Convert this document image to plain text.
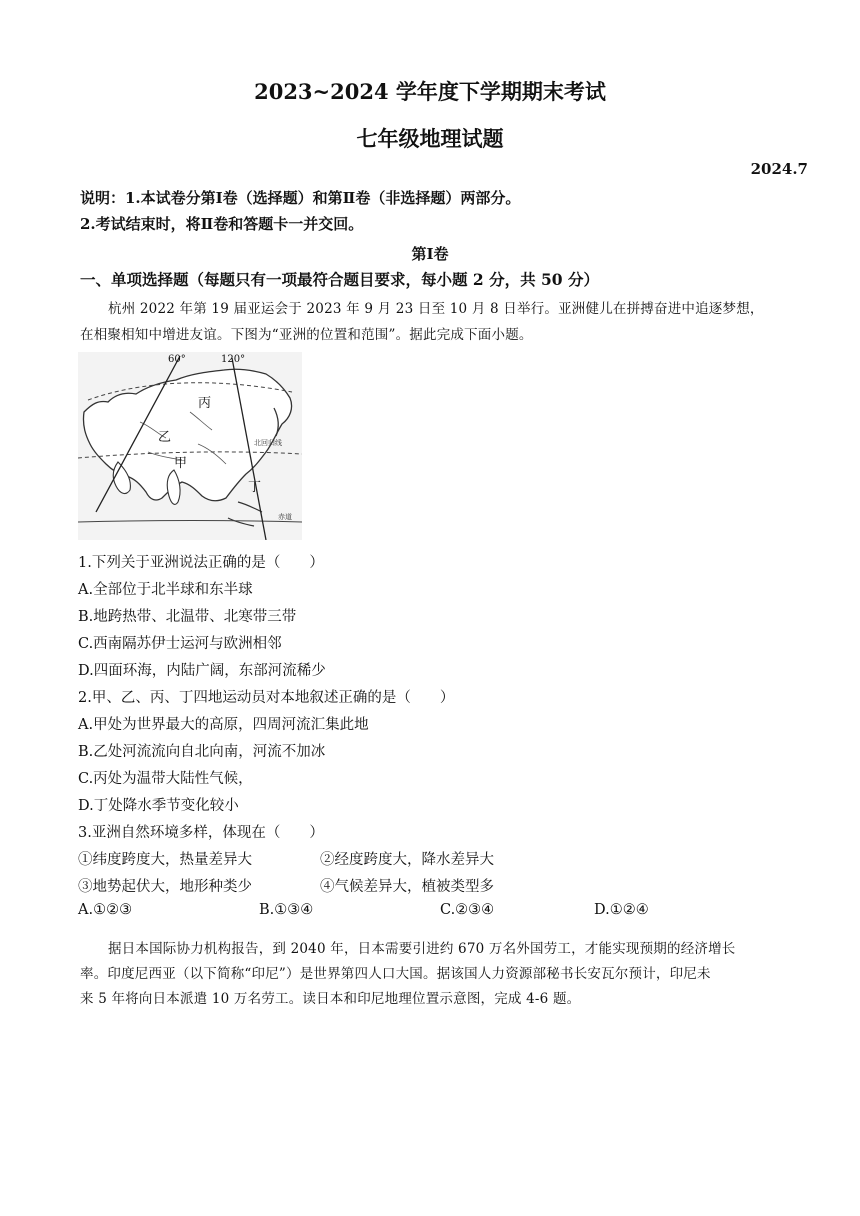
2023~2024 学年度下学期期末考试
七年级地理试题
2024.7
说明：1.本试卷分第Ⅰ卷（选择题）和第Ⅱ卷（非选择题）两部分。
2.考试结束时，将Ⅱ卷和答题卡一并交回。
第Ⅰ卷
一、单项选择题（每题只有一项最符合题目要求，每小题 2 分，共 50 分）
杭州 2022 年第 19 届亚运会于 2023 年 9 月 23 日至 10 月 8 日举行。亚洲健儿在拼搏奋进中追逐梦想，
在相聚相知中增进友谊。下图为“亚洲的位置和范围”。据此完成下面小题。
60°	120°
丙
乙
甲
丁
北回归线
赤道
1.下列关于亚洲说法正确的是（　　）
A.全部位于北半球和东半球
B.地跨热带、北温带、北寒带三带
C.西南隔苏伊士运河与欧洲相邻
D.四面环海，内陆广阔，东部河流稀少
2.甲、乙、丙、丁四地运动员对本地叙述正确的是（　　）
A.甲处为世界最大的高原，四周河流汇集此地
B.乙处河流流向自北向南，河流不加冰
C.丙处为温带大陆性气候，
D.丁处降水季节变化较小
3.亚洲自然环境多样，体现在（　　）
①纬度跨度大，热量差异大	②经度跨度大，降水差异大
③地势起伏大，地形种类少	④气候差异大，植被类型多
A.①②③	B.①③④	C.②③④	D.①②④
据日本国际协力机构报告，到 2040 年，日本需要引进约 670 万名外国劳工，才能实现预期的经济增长
率。印度尼西亚（以下简称“印尼”）是世界第四人口大国。据该国人力资源部秘书长安瓦尔预计，印尼未
来 5 年将向日本派遣 10 万名劳工。读日本和印尼地理位置示意图，完成 4-6 题。
